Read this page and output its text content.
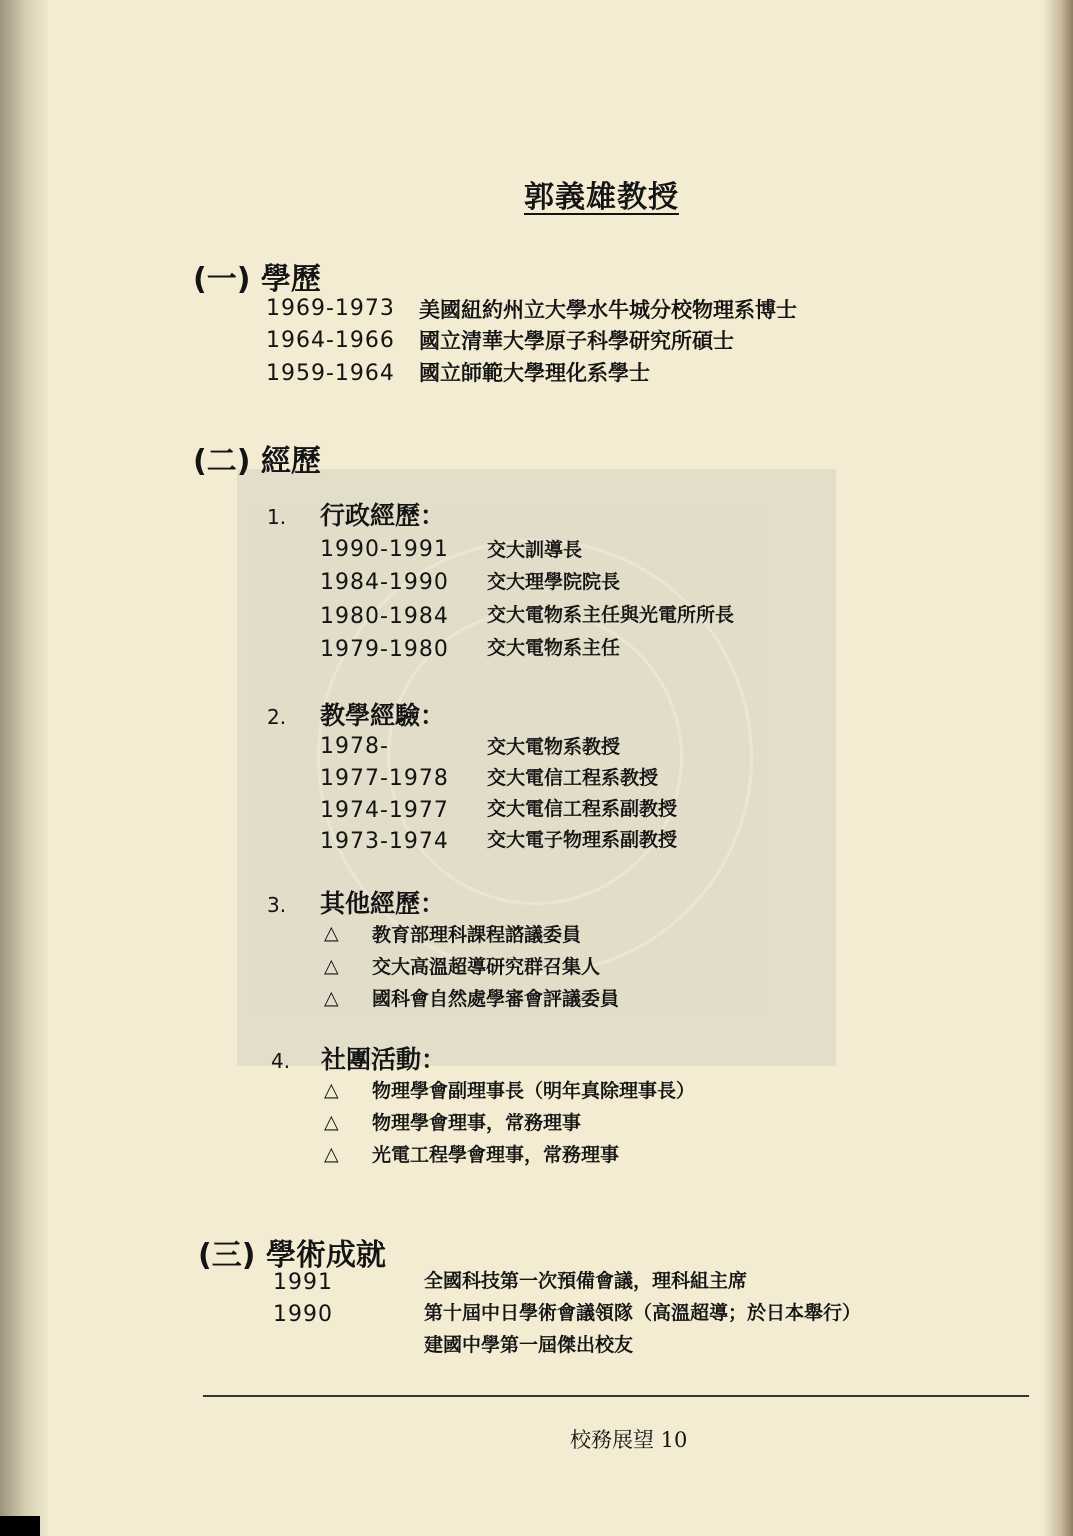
郭義雄教授
(一) 學歷
1969-1973 美國紐約州立大學水牛城分校物理系博士
1964-1966 國立清華大學原子科學研究所碩士
1959-1964 國立師範大學理化系學士
(二) 經歷
1. 行政經歷：
1990-1991 交大訓導長
1984-1990 交大理學院院長
1980-1984 交大電物系主任與光電所所長
1979-1980 交大電物系主任
2. 教學經驗：
1978-	交大電物系教授
1977-1978 交大電信工程系教授
1974-1977 交大電信工程系副教授
1973-1974 交大電子物理系副教授
3. 其他經歷：
△ 教育部理科課程諮議委員
△ 交大高溫超導研究群召集人
△ 國科會自然處學審會評議委員
4. 社團活動：
△ 物理學會副理事長（明年真除理事長）
△ 物理學會理事，常務理事
△ 光電工程學會理事，常務理事
(三) 學術成就
1991	全國科技第一次預備會議，理科組主席
1990	第十屆中日學術會議領隊（高溫超導；於日本舉行）
建國中學第一屆傑出校友
校務展望 10
